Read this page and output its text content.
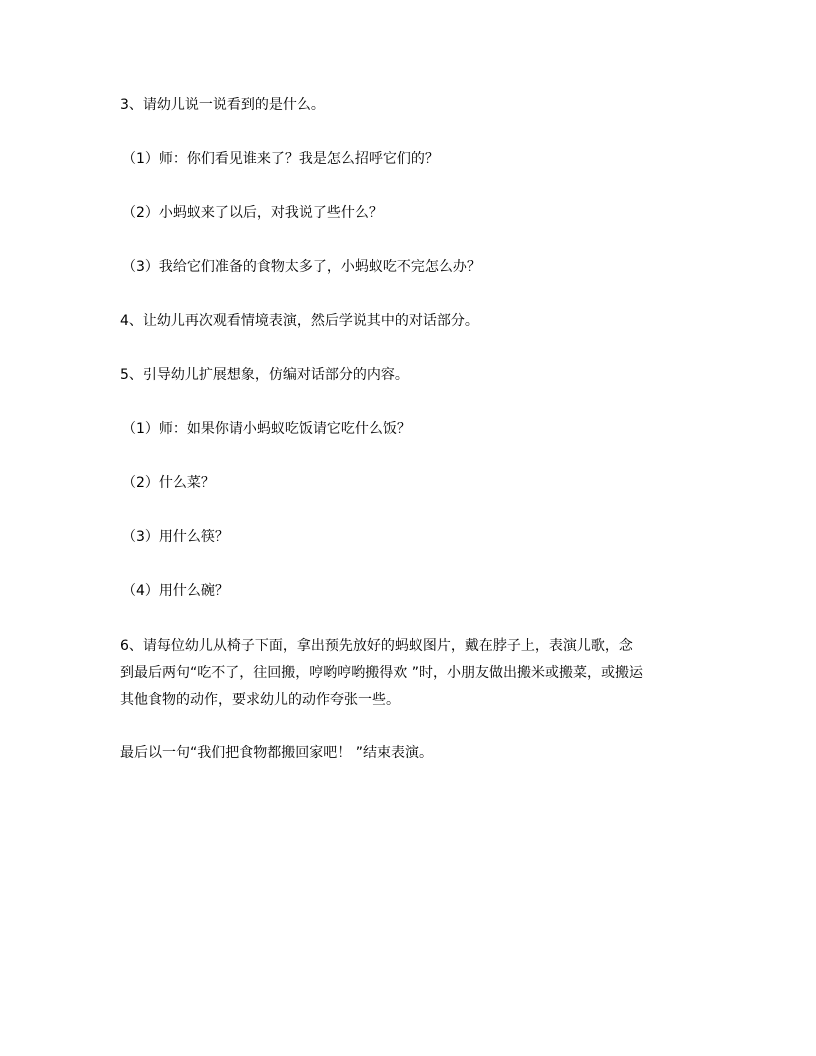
3、请幼儿说一说看到的是什么。

（1）师：你们看见谁来了？我是怎么招呼它们的？

（2）小蚂蚁来了以后，对我说了些什么？

（3）我给它们准备的食物太多了，小蚂蚁吃不完怎么办？

4、让幼儿再次观看情境表演，然后学说其中的对话部分。

5、引导幼儿扩展想象，仿编对话部分的内容。

（1）师：如果你请小蚂蚁吃饭请它吃什么饭？

（2）什么菜？

（3）用什么筷？

（4）用什么碗？

6、请每位幼儿从椅子下面，拿出预先放好的蚂蚁图片，戴在脖子上，表演儿歌，念
到最后两句“吃不了，往回搬，哼哟哼哟搬得欢 ”时，小朋友做出搬米或搬菜，或搬运
其他食物的动作，要求幼儿的动作夸张一些。

最后以一句“我们把食物都搬回家吧！ ”结束表演。
